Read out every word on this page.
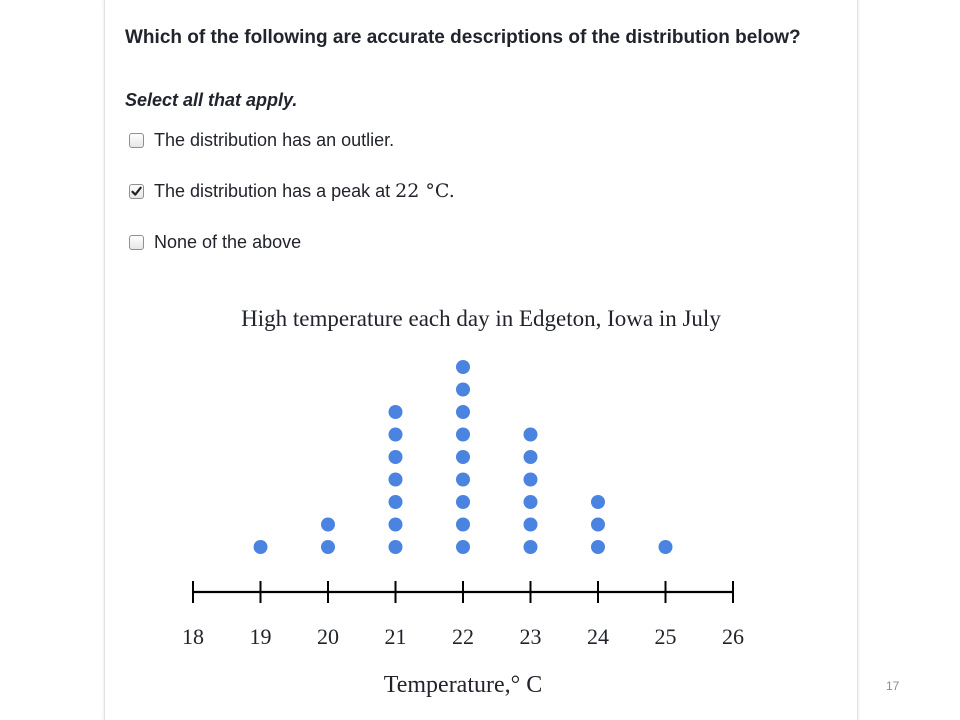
Which of the following are accurate descriptions of the distribution below?

Select all that apply.

The distribution has an outlier.
The distribution has a peak at 22 °C.
None of the above
High temperature each day in Edgeton, Iowa in July
18 19 20 21 22 23 24 25 26
Temperature,° C	17
